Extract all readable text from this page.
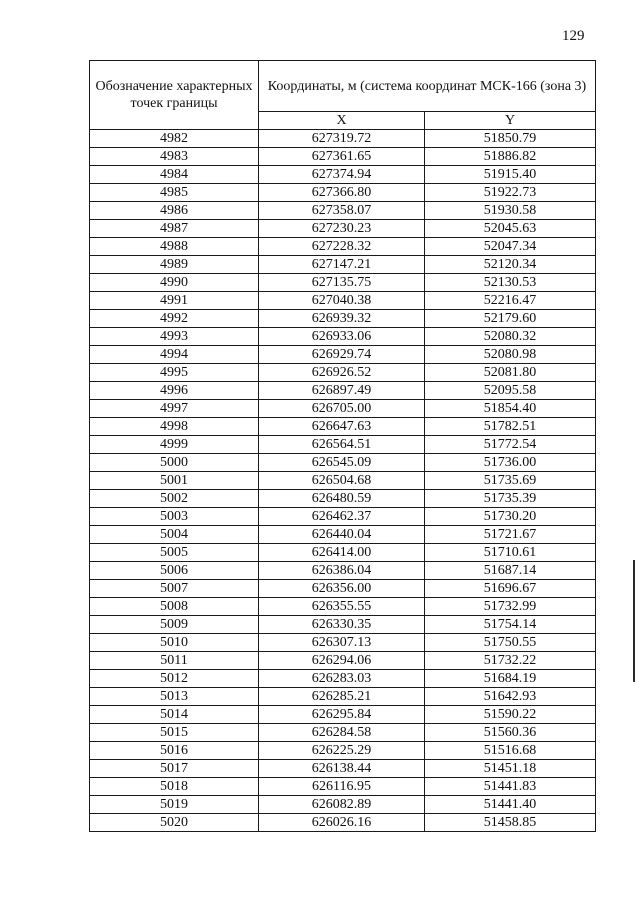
129
Обозначение характерных точек границы	Координаты, м (система координат МСК-166 (зона 3)	
	X	Y
4982	627319.72	51850.79
4983	627361.65	51886.82
4984	627374.94	51915.40
4985	627366.80	51922.73
4986	627358.07	51930.58
4987	627230.23	52045.63
4988	627228.32	52047.34
4989	627147.21	52120.34
4990	627135.75	52130.53
4991	627040.38	52216.47
4992	626939.32	52179.60
4993	626933.06	52080.32
4994	626929.74	52080.98
4995	626926.52	52081.80
4996	626897.49	52095.58
4997	626705.00	51854.40
4998	626647.63	51782.51
4999	626564.51	51772.54
5000	626545.09	51736.00
5001	626504.68	51735.69
5002	626480.59	51735.39
5003	626462.37	51730.20
5004	626440.04	51721.67
5005	626414.00	51710.61
5006	626386.04	51687.14
5007	626356.00	51696.67
5008	626355.55	51732.99
5009	626330.35	51754.14
5010	626307.13	51750.55
5011	626294.06	51732.22
5012	626283.03	51684.19
5013	626285.21	51642.93
5014	626295.84	51590.22
5015	626284.58	51560.36
5016	626225.29	51516.68
5017	626138.44	51451.18
5018	626116.95	51441.83
5019	626082.89	51441.40
5020	626026.16	51458.85
